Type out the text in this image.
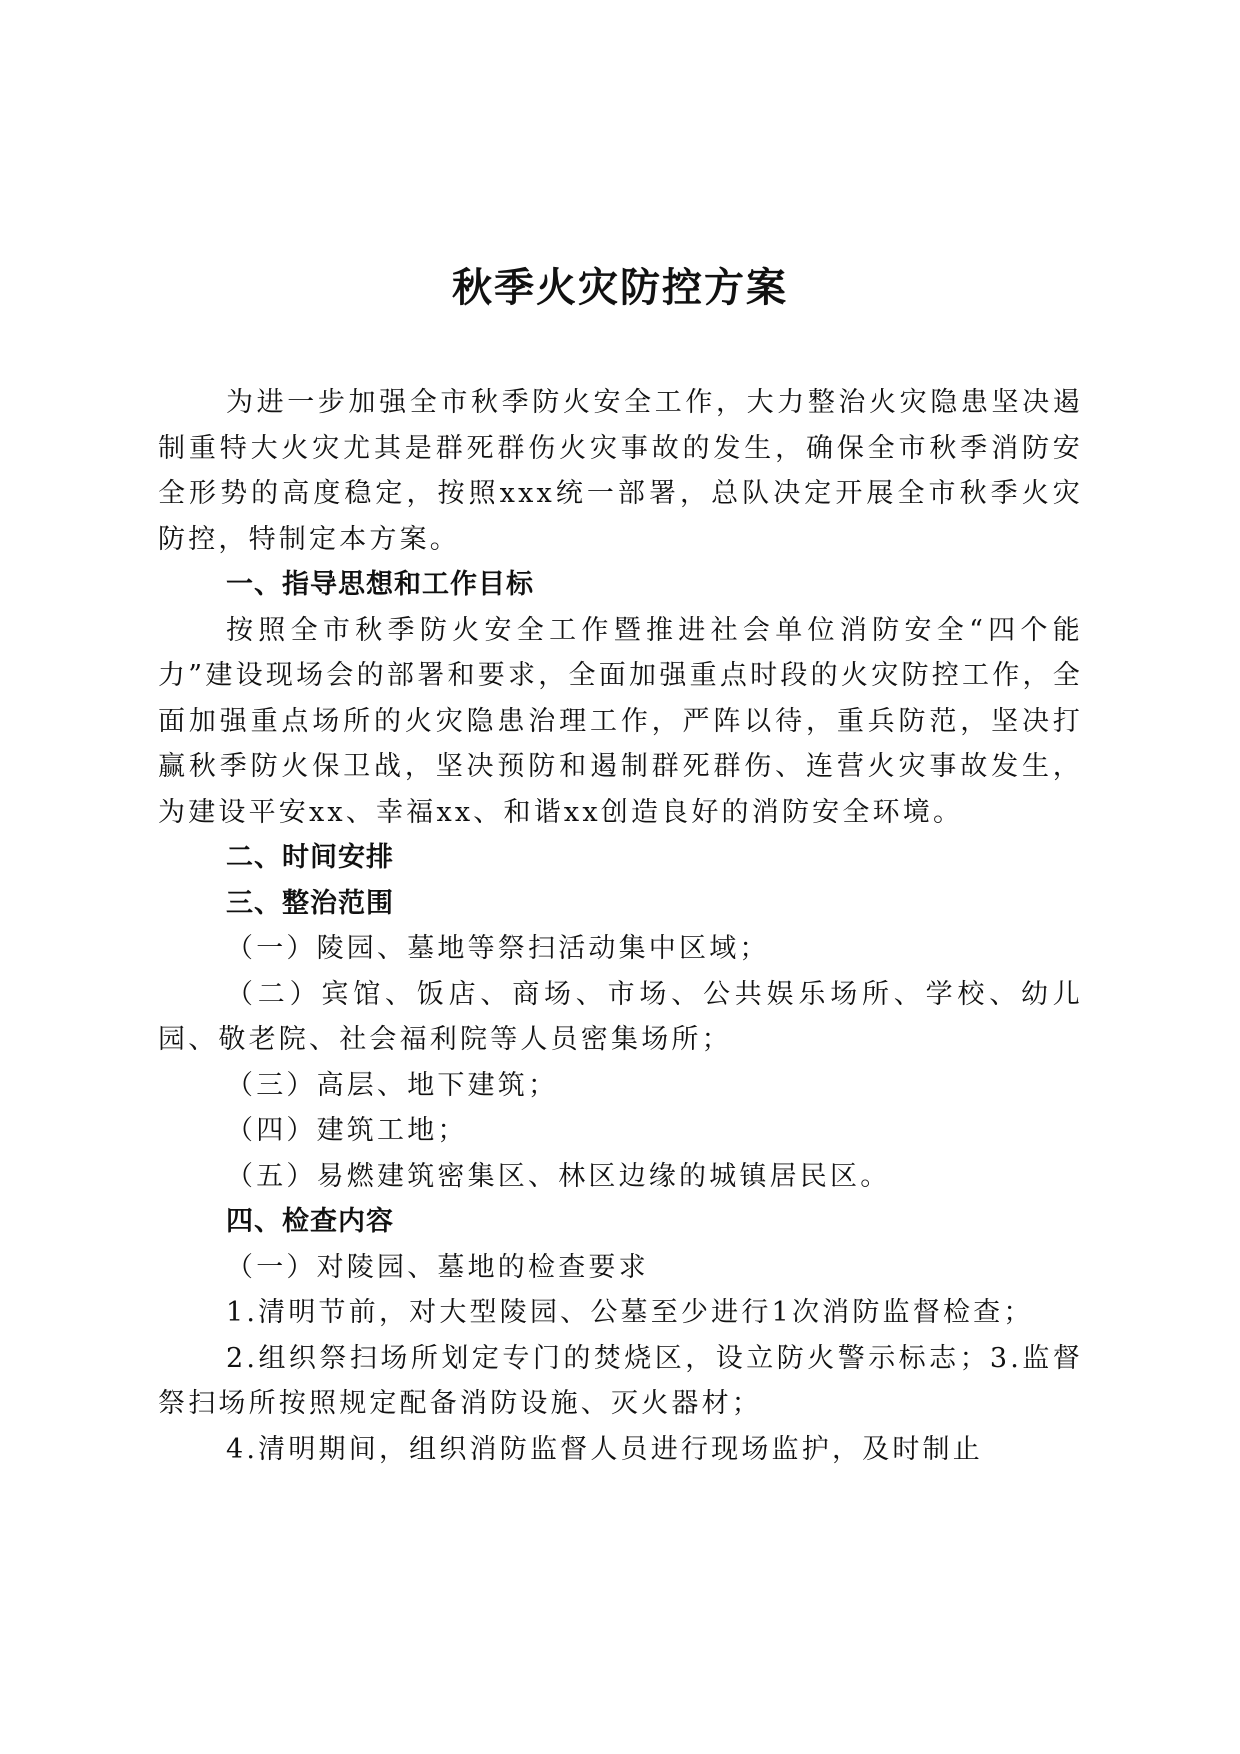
秋季火灾防控方案

为进一步加强全市秋季防火安全工作，大力整治火灾隐患坚决遏制重特大火灾尤其是群死群伤火灾事故的发生，确保全市秋季消防安全形势的高度稳定，按照xxx统一部署，总队决定开展全市秋季火灾防控，特制定本方案。

一、指导思想和工作目标

按照全市秋季防火安全工作暨推进社会单位消防安全“四个能力”建设现场会的部署和要求，全面加强重点时段的火灾防控工作，全面加强重点场所的火灾隐患治理工作，严阵以待，重兵防范，坚决打赢秋季防火保卫战，坚决预防和遏制群死群伤、连营火灾事故发生，为建设平安xx、幸福xx、和谐xx创造良好的消防安全环境。

二、时间安排

三、整治范围

（一）陵园、墓地等祭扫活动集中区域；

（二）宾馆、饭店、商场、市场、公共娱乐场所、学校、幼儿园、敬老院、社会福利院等人员密集场所；

（三）高层、地下建筑；

（四）建筑工地；

（五）易燃建筑密集区、林区边缘的城镇居民区。

四、检查内容

（一）对陵园、墓地的检查要求

1.清明节前，对大型陵园、公墓至少进行1次消防监督检查；

2.组织祭扫场所划定专门的焚烧区，设立防火警示标志；3.监督祭扫场所按照规定配备消防设施、灭火器材；

4.清明期间，组织消防监督人员进行现场监护，及时制止
